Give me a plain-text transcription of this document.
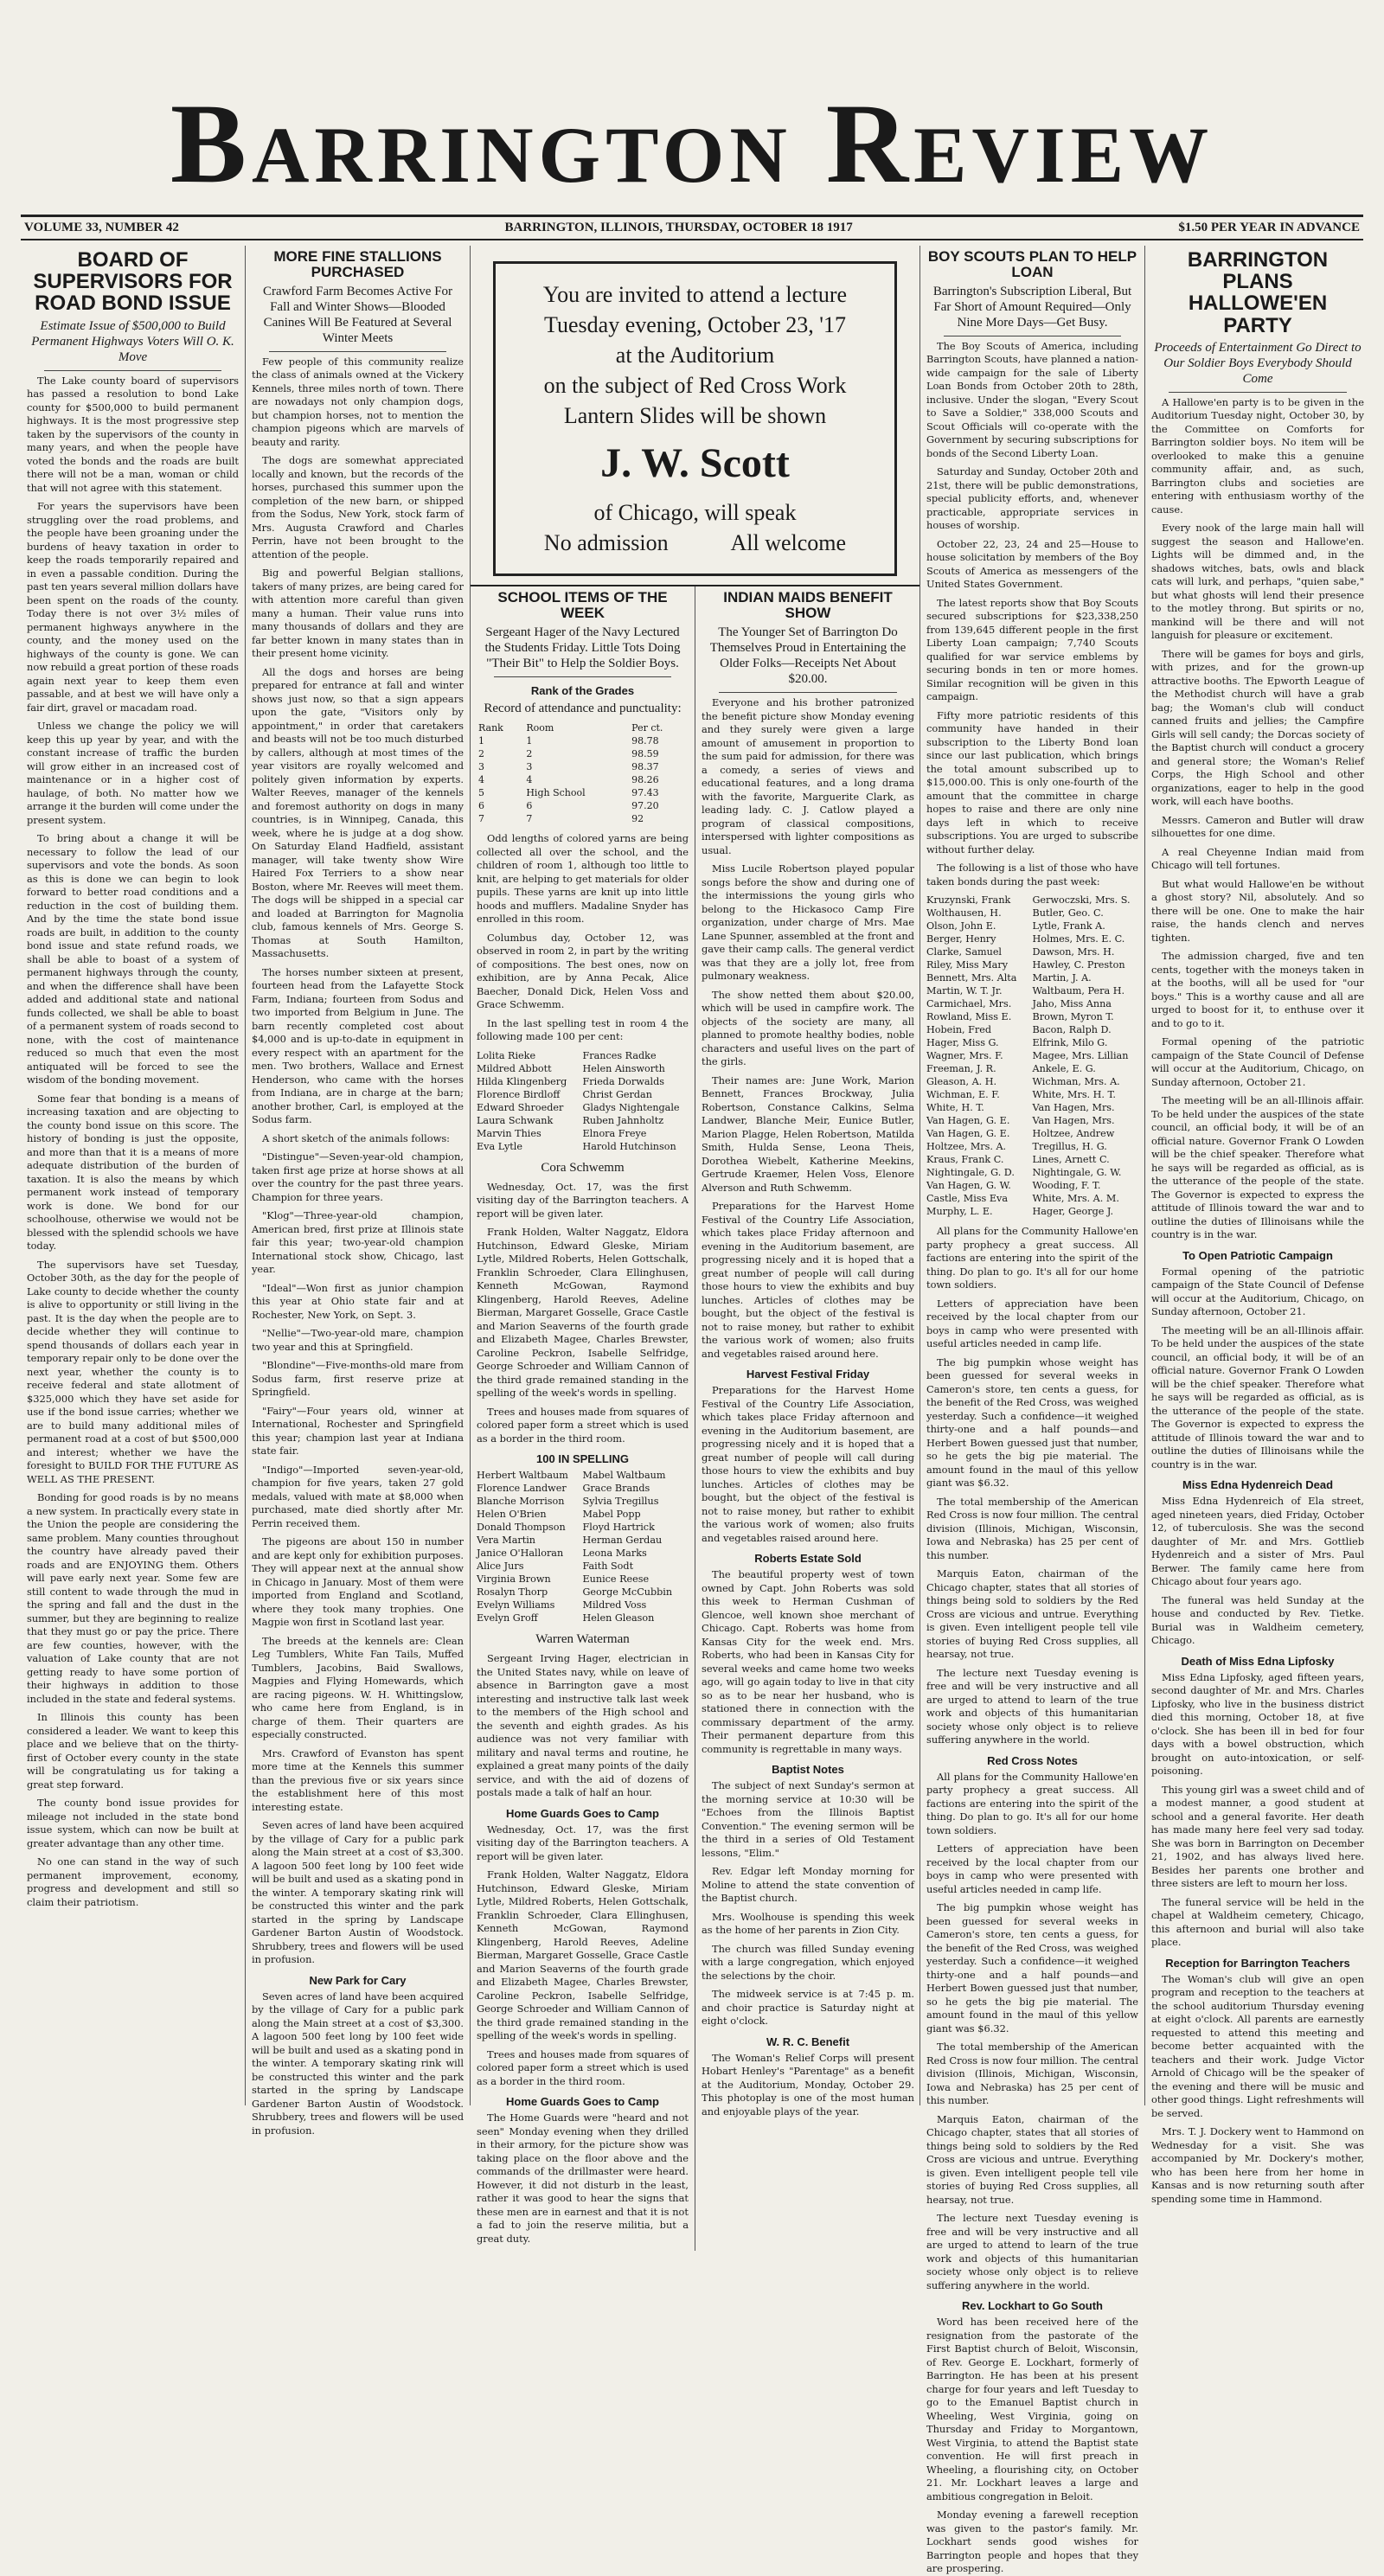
Barrington Review
VOLUME 33, NUMBER 42	BARRINGTON, ILLINOIS, THURSDAY, OCTOBER 18 1917	$1.50 PER YEAR IN ADVANCE
BOARD OF SUPERVISORS FOR ROAD BOND ISSUE
Estimate Issue of $500,000 to Build Permanent Highways Voters Will O. K. Move

The Lake county board of supervisors has passed a resolution to bond Lake county for $500,000 to build permanent highways. It is the most progressive step taken by the supervisors of the county in many years, and when the people have voted the bonds and the roads are built there will not be a man, woman or child that will not agree with this statement.

For years the supervisors have been struggling over the road problems, and the people have been groaning under the burdens of heavy taxation in order to keep the roads temporarily repaired and in even a passable condition. During the past ten years several million dollars have been spent on the roads of the county. Today there is not over 3½ miles of permanent highways anywhere in the county, and the money used on the highways of the county is gone. We can now rebuild a great portion of these roads again next year to keep them even passable, and at best we will have only a fair dirt, gravel or macadam road.

Unless we change the policy we will keep this up year by year, and with the constant increase of traffic the burden will grow either in an increased cost of maintenance or in a higher cost of haulage, of both. No matter how we arrange it the burden will come under the present system.

To bring about a change it will be necessary to follow the lead of our supervisors and vote the bonds. As soon as this is done we can begin to look forward to better road conditions and a reduction in the cost of building them. And by the time the state bond issue roads are built, in addition to the county bond issue and state refund roads, we shall be able to boast of a system of permanent highways through the county, and when the difference shall have been added and additional state and national funds collected, we shall be able to boast of a permanent system of roads second to none, with the cost of maintenance reduced so much that even the most antiquated will be forced to see the wisdom of the bonding movement.

Some fear that bonding is a means of increasing taxation and are objecting to the county bond issue on this score. The history of bonding is just the opposite, and more than that it is a means of more adequate distribution of the burden of taxation. It is also the means by which permanent work instead of temporary work is done. We bond for our schoolhouse, otherwise we would not be blessed with the splendid schools we have today.

The supervisors have set Tuesday, October 30th, as the day for the people of Lake county to decide whether the county is alive to opportunity or still living in the past. It is the day when the people are to decide whether they will continue to spend thousands of dollars each year in temporary repair only to be done over the next year, whether the county is to receive federal and state allotment of $325,000 which they have set aside for use if the bond issue carries; whether we are to build many additional miles of permanent road at a cost of but $500,000 and interest; whether we have the foresight to BUILD FOR THE FUTURE AS WELL AS THE PRESENT.

Bonding for good roads is by no means a new system. In practically every state in the Union the people are considering the same problem. Many counties throughout the country have already paved their roads and are ENJOYING them. Others will pave early next year. Some few are still content to wade through the mud in the spring and fall and the dust in the summer, but they are beginning to realize that they must go or pay the price. There are few counties, however, with the valuation of Lake county that are not getting ready to have some portion of their highways in addition to those included in the state and federal systems.

In Illinois this county has been considered a leader. We want to keep this place and we believe that on the thirty-first of October every county in the state will be congratulating us for taking a great step forward.

The county bond issue provides for mileage not included in the state bond issue system, which can now be built at greater advantage than any other time.

No one can stand in the way of such permanent improvement, economy, progress and development and still so claim their patriotism.

MORE FINE STALLIONS PURCHASED
Crawford Farm Becomes Active For Fall and Winter Shows—Blooded Canines Will Be Featured at Several Winter Meets

Few people of this community realize the class of animals owned at the Vickery Kennels, three miles north of town. There are nowadays not only champion dogs, but champion horses, not to mention the champion pigeons which are marvels of beauty and rarity.

The dogs are somewhat appreciated locally and known, but the records of the horses, purchased this summer upon the completion of the new barn, or shipped from the Sodus, New York, stock farm of Mrs. Augusta Crawford and Charles Perrin, have not been brought to the attention of the people.

Big and powerful Belgian stallions, takers of many prizes, are being cared for with attention more careful than given many a human. Their value runs into many thousands of dollars and they are far better known in many states than in their present home vicinity.

All the dogs and horses are being prepared for entrance at fall and winter shows just now, so that a sign appears upon the gate, "Visitors only by appointment," in order that caretakers and beasts will not be too much disturbed by callers, although at most times of the year visitors are royally welcomed and politely given information by experts. Walter Reeves, manager of the kennels and foremost authority on dogs in many countries, is in Winnipeg, Canada, this week, where he is judge at a dog show. On Saturday Eland Hadfield, assistant manager, will take twenty show Wire Haired Fox Terriers to a show near Boston, where Mr. Reeves will meet them. The dogs will be shipped in a special car and loaded at Barrington for Magnolia club, famous kennels of Mrs. George S. Thomas at South Hamilton, Massachusetts.

The horses number sixteen at present, fourteen head from the Lafayette Stock Farm, Indiana; fourteen from Sodus and two imported from Belgium in June. The barn recently completed cost about $4,000 and is up-to-date in equipment in every respect with an apartment for the men. Two brothers, Wallace and Ernest Henderson, who came with the horses from Indiana, are in charge at the barn; another brother, Carl, is employed at the Sodus farm.

A short sketch of the animals follows:

"Distingue"—Seven-year-old champion, taken first age prize at horse shows at all over the country for the past three years. Champion for three years.

"Klog"—Three-year-old champion, American bred, first prize at Illinois state fair this year; two-year-old champion International stock show, Chicago, last year.

"Ideal"—Won first as junior champion this year at Ohio state fair and at Rochester, New York, on Sept. 3.

"Nellie"—Two-year-old mare, champion two year and this at Springfield.

"Blondine"—Five-months-old mare from Sodus farm, first reserve prize at Springfield.

"Fairy"—Four years old, winner at International, Rochester and Springfield this year; champion last year at Indiana state fair.

"Indigo"—Imported seven-year-old, champion for five years, taken 27 gold medals, valued with mate at $8,000 when purchased, mate died shortly after Mr. Perrin received them.

The pigeons are about 150 in number and are kept only for exhibition purposes. They will appear next at the annual show in Chicago in January. Most of them were imported from England and Scotland, where they took many trophies. One Magpie won first in Scotland last year.

The breeds at the kennels are: Clean Leg Tumblers, White Fan Tails, Muffed Tumblers, Jacobins, Baid Swallows, Magpies and Flying Homewards, which are racing pigeons. W. H. Whittingslow, who came here from England, is in charge of them. Their quarters are especially constructed.

Mrs. Crawford of Evanston has spent more time at the Kennels this summer than the previous five or six years since the establishment here of this most interesting estate.

Seven acres of land have been acquired by the village of Cary for a public park along the Main street at a cost of $3,300. A lagoon 500 feet long by 100 feet wide will be built and used as a skating pond in the winter. A temporary skating rink will be constructed this winter and the park started in the spring by Landscape Gardener Barton Austin of Woodstock. Shrubbery, trees and flowers will be used in profusion.

New Park for Cary

Seven acres of land have been acquired by the village of Cary for a public park along the Main street at a cost of $3,300. A lagoon 500 feet long by 100 feet wide will be built and used as a skating pond in the winter. A temporary skating rink will be constructed this winter and the park started in the spring by Landscape Gardener Barton Austin of Woodstock. Shrubbery, trees and flowers will be used in profusion.

You are invited to attend a lecture
Tuesday evening, October 23, '17
at the Auditorium
on the subject of Red Cross Work
Lantern Slides will be shown
J. W. Scott
of Chicago, will speak
No admission	All welcome
SCHOOL ITEMS OF THE WEEK
Sergeant Hager of the Navy Lectured the Students Friday. Little Tots Doing "Their Bit" to Help the Soldier Boys.
Rank of the Grades
Record of attendance and punctuality:
Rank	Room	Per ct.
1	1	98.78
2	2	98.59
3	3	98.37
4	4	98.26
5	High School	97.43
6	6	97.20
7	7	92

Odd lengths of colored yarns are being collected all over the school, and the children of room 1, although too little to knit, are helping to get materials for older pupils. These yarns are knit up into little hoods and mufflers. Madaline Snyder has enrolled in this room.

Columbus day, October 12, was observed in room 2, in part by the writing of compositions. The best ones, now on exhibition, are by Anna Pecak, Alice Baecher, Donald Dick, Helen Voss and Grace Schwemm.

In the last spelling test in room 4 the following made 100 per cent:

Lolita Rieke	Frances Radke
Mildred Abbott	Helen Ainsworth
Hilda Klingenberg	Frieda Dorwalds
Florence Birdloff	Christ Gerdan
Edward Shroeder	Gladys Nightengale
Laura Schwank	Ruben Jahnholtz
Marvin Thies	Elnora Freye
Eva Lytle	Harold Hutchinson
Cora Schwemm

Wednesday, Oct. 17, was the first visiting day of the Barrington teachers. A report will be given later.

Frank Holden, Walter Naggatz, Eldora Hutchinson, Edward Gleske, Miriam Lytle, Mildred Roberts, Helen Gottschalk, Franklin Schroeder, Clara Ellinghusen, Kenneth McGowan, Raymond Klingenberg, Harold Reeves, Adeline Bierman, Margaret Gosselle, Grace Castle and Marion Seaverns of the fourth grade and Elizabeth Magee, Charles Brewster, Caroline Peckron, Isabelle Selfridge, George Schroeder and William Cannon of the third grade remained standing in the spelling of the week's words in spelling.

Trees and houses made from squares of colored paper form a street which is used as a border in the third room.

100 IN SPELLING
Herbert Waltbaum	Mabel Waltbaum
Florence Landwer	Grace Brands
Blanche Morrison	Sylvia Tregillus
Helen O'Brien	Mabel Popp
Donald Thompson	Floyd Hartrick
Vera Martin	Herman Gerdau
Janice O'Halloran	Leona Marks
Alice Jurs	Faith Sodt
Virginia Brown	Eunice Reese
Rosalyn Thorp	George McCubbin
Evelyn Williams	Mildred Voss
Evelyn Groff	Helen Gleason
Warren Waterman

Sergeant Irving Hager, electrician in the United States navy, while on leave of absence in Barrington gave a most interesting and instructive talk last week to the members of the High school and the seventh and eighth grades. As his audience was not very familiar with military and naval terms and routine, he explained a great many points of the daily service, and with the aid of dozens of postals made a talk of half an hour.

Home Guards Goes to Camp

Wednesday, Oct. 17, was the first visiting day of the Barrington teachers. A report will be given later.

Frank Holden, Walter Naggatz, Eldora Hutchinson, Edward Gleske, Miriam Lytle, Mildred Roberts, Helen Gottschalk, Franklin Schroeder, Clara Ellinghusen, Kenneth McGowan, Raymond Klingenberg, Harold Reeves, Adeline Bierman, Margaret Gosselle, Grace Castle and Marion Seaverns of the fourth grade and Elizabeth Magee, Charles Brewster, Caroline Peckron, Isabelle Selfridge, George Schroeder and William Cannon of the third grade remained standing in the spelling of the week's words in spelling.

Trees and houses made from squares of colored paper form a street which is used as a border in the third room.

Home Guards Goes to Camp

The Home Guards were "heard and not seen" Monday evening when they drilled in their armory, for the picture show was taking place on the floor above and the commands of the drillmaster were heard. However, it did not disturb in the least, rather it was good to hear the signs that these men are in earnest and that it is not a fad to join the reserve militia, but a great duty.

INDIAN MAIDS BENEFIT SHOW
The Younger Set of Barrington Do Themselves Proud in Entertaining the Older Folks—Receipts Net About $20.00.

Everyone and his brother patronized the benefit picture show Monday evening and they surely were given a large amount of amusement in proportion to the sum paid for admission, for there was a comedy, a series of views and educational features, and a long drama with the favorite, Marguerite Clark, as leading lady. C. J. Catlow played a program of classical compositions, interspersed with lighter compositions as usual.

Miss Lucile Robertson played popular songs before the show and during one of the intermissions the young girls who belong to the Hickasoco Camp Fire organization, under charge of Mrs. Mae Lane Spunner, assembled at the front and gave their camp calls. The general verdict was that they are a jolly lot, free from pulmonary weakness.

The show netted them about $20.00, which will be used in campfire work. The objects of the society are many, all planned to promote healthy bodies, noble characters and useful lives on the part of the girls.

Their names are: June Work, Marion Bennett, Frances Brockway, Julia Robertson, Constance Calkins, Selma Landwer, Blanche Meir, Eunice Butler, Marion Plagge, Helen Robertson, Matilda Smith, Hulda Sense, Leona Theis, Dorothea Wiebelt, Katherine Meekins, Gertrude Kraemer, Helen Voss, Elenore Alverson and Ruth Schwemm.

Preparations for the Harvest Home Festival of the Country Life Association, which takes place Friday afternoon and evening in the Auditorium basement, are progressing nicely and it is hoped that a great number of people will call during those hours to view the exhibits and buy lunches. Articles of clothes may be bought, but the object of the festival is not to raise money, but rather to exhibit the various work of women; also fruits and vegetables raised around here.

Harvest Festival Friday

Preparations for the Harvest Home Festival of the Country Life Association, which takes place Friday afternoon and evening in the Auditorium basement, are progressing nicely and it is hoped that a great number of people will call during those hours to view the exhibits and buy lunches. Articles of clothes may be bought, but the object of the festival is not to raise money, but rather to exhibit the various work of women; also fruits and vegetables raised around here.

Roberts Estate Sold

The beautiful property west of town owned by Capt. John Roberts was sold this week to Herman Cushman of Glencoe, well known shoe merchant of Chicago. Capt. Roberts was home from Kansas City for the week end. Mrs. Roberts, who had been in Kansas City for several weeks and came home two weeks ago, will go again today to live in that city so as to be near her husband, who is stationed there in connection with the commissary department of the army. Their permanent departure from this community is regrettable in many ways.

Baptist Notes

The subject of next Sunday's sermon at the morning service at 10:30 will be "Echoes from the Illinois Baptist Convention." The evening sermon will be the third in a series of Old Testament lessons, "Elim."

Rev. Edgar left Monday morning for Moline to attend the state convention of the Baptist church.

Mrs. Woolhouse is spending this week as the home of her parents in Zion City.

The church was filled Sunday evening with a large congregation, which enjoyed the selections by the choir.

The midweek service is at 7:45 p. m. and choir practice is Saturday night at eight o'clock.

W. R. C. Benefit

The Woman's Relief Corps will present Hobart Henley's "Parentage" as a benefit at the Auditorium, Monday, October 29. This photoplay is one of the most human and enjoyable plays of the year.

BOY SCOUTS PLAN TO HELP LOAN
Barrington's Subscription Liberal, But Far Short of Amount Required—Only Nine More Days—Get Busy.

The Boy Scouts of America, including Barrington Scouts, have planned a nation-wide campaign for the sale of Liberty Loan Bonds from October 20th to 28th, inclusive. Under the slogan, "Every Scout to Save a Soldier," 338,000 Scouts and Scout Officials will co-operate with the Government by securing subscriptions for bonds of the Second Liberty Loan.

Saturday and Sunday, October 20th and 21st, there will be public demonstrations, special publicity efforts, and, whenever practicable, appropriate services in houses of worship.

October 22, 23, 24 and 25—House to house solicitation by members of the Boy Scouts of America as messengers of the United States Government.

The latest reports show that Boy Scouts secured subscriptions for $23,338,250 from 139,645 different people in the first Liberty Loan campaign; 7,740 Scouts qualified for war service emblems by securing bonds in ten or more homes. Similar recognition will be given in this campaign.

Fifty more patriotic residents of this community have handed in their subscription to the Liberty Bond loan since our last publication, which brings the total amount subscribed up to $15,000.00. This is only one-fourth of the amount that the committee in charge hopes to raise and there are only nine days left in which to receive subscriptions. You are urged to subscribe without further delay.

The following is a list of those who have taken bonds during the past week:

Kruzynski, Frank	Gerwoczski, Mrs. S.
Wolthausen, H.	Butler, Geo. C.
Olson, John E.	Lytle, Frank A.
Berger, Henry	Holmes, Mrs. E. C.
Clarke, Samuel	Dawson, Mrs. H.
Riley, Miss Mary	Hawley, C. Preston
Bennett, Mrs. Alta	Martin, J. A.
Martin, W. T. Jr.	Waltbaum, Pera H.
Carmichael, Mrs.	Jaho, Miss Anna
Rowland, Miss E.	Brown, Myron T.
Hobein, Fred	Bacon, Ralph D.
Hager, Miss G.	Elfrink, Milo G.
Wagner, Mrs. F.	Magee, Mrs. Lillian
Freeman, J. R.	Ankele, E. G.
Gleason, A. H.	Wichman, Mrs. A.
Wichman, E. F.	White, Mrs. H. T.
White, H. T.	Van Hagen, Mrs.
Van Hagen, G. E.	Van Hagen, Mrs.
Van Hagen, G. E.	Holtzee, Andrew
Holtzee, Mrs. A.	Tregillus, H. G.
Kraus, Frank C.	Lines, Arnett C.
Nightingale, G. D.	Nightingale, G. W.
Van Hagen, G. W.	Wooding, F. T.
Castle, Miss Eva	White, Mrs. A. M.
Murphy, L. E.	Hager, George J.

All plans for the Community Hallowe'en party prophecy a great success. All factions are entering into the spirit of the thing. Do plan to go. It's all for our home town soldiers.

Letters of appreciation have been received by the local chapter from our boys in camp who were presented with useful articles needed in camp life.

The big pumpkin whose weight has been guessed for several weeks in Cameron's store, ten cents a guess, for the benefit of the Red Cross, was weighed yesterday. Such a confidence—it weighed thirty-one and a half pounds—and Herbert Bowen guessed just that number, so he gets the big pie material. The amount found in the maul of this yellow giant was $6.32.

The total membership of the American Red Cross is now four million. The central division (Illinois, Michigan, Wisconsin, Iowa and Nebraska) has 25 per cent of this number.

Marquis Eaton, chairman of the Chicago chapter, states that all stories of things being sold to soldiers by the Red Cross are vicious and untrue. Everything is given. Even intelligent people tell vile stories of buying Red Cross supplies, all hearsay, not true.

The lecture next Tuesday evening is free and will be very instructive and all are urged to attend to learn of the true work and objects of this humanitarian society whose only object is to relieve suffering anywhere in the world.

Red Cross Notes

All plans for the Community Hallowe'en party prophecy a great success. All factions are entering into the spirit of the thing. Do plan to go. It's all for our home town soldiers.

Letters of appreciation have been received by the local chapter from our boys in camp who were presented with useful articles needed in camp life.

The big pumpkin whose weight has been guessed for several weeks in Cameron's store, ten cents a guess, for the benefit of the Red Cross, was weighed yesterday. Such a confidence—it weighed thirty-one and a half pounds—and Herbert Bowen guessed just that number, so he gets the big pie material. The amount found in the maul of this yellow giant was $6.32.

The total membership of the American Red Cross is now four million. The central division (Illinois, Michigan, Wisconsin, Iowa and Nebraska) has 25 per cent of this number.

Marquis Eaton, chairman of the Chicago chapter, states that all stories of things being sold to soldiers by the Red Cross are vicious and untrue. Everything is given. Even intelligent people tell vile stories of buying Red Cross supplies, all hearsay, not true.

The lecture next Tuesday evening is free and will be very instructive and all are urged to attend to learn of the true work and objects of this humanitarian society whose only object is to relieve suffering anywhere in the world.

Rev. Lockhart to Go South

Word has been received here of the resignation from the pastorate of the First Baptist church of Beloit, Wisconsin, of Rev. George E. Lockhart, formerly of Barrington. He has been at his present charge for four years and left Tuesday to go to the Emanuel Baptist church in Wheeling, West Virginia, going on Thursday and Friday to Morgantown, West Virginia, to attend the Baptist state convention. He will first preach in Wheeling, a flourishing city, on October 21. Mr. Lockhart leaves a large and ambitious congregation in Beloit.

Monday evening a farewell reception was given to the pastor's family. Mr. Lockhart sends good wishes for Barrington people and hopes that they are prospering.

BARRINGTON PLANS HALLOWE'EN PARTY
Proceeds of Entertainment Go Direct to Our Soldier Boys Everybody Should Come

A Hallowe'en party is to be given in the Auditorium Tuesday night, October 30, by the Committee on Comforts for Barrington soldier boys. No item will be overlooked to make this a genuine community affair, and, as such, Barrington clubs and societies are entering with enthusiasm worthy of the cause.

Every nook of the large main hall will suggest the season and Hallowe'en. Lights will be dimmed and, in the shadows witches, bats, owls and black cats will lurk, and perhaps, "quien sabe," but what ghosts will lend their presence to the motley throng. But spirits or no, mankind will be there and will not languish for pleasure or excitement.

There will be games for boys and girls, with prizes, and for the grown-up attractive booths. The Epworth League of the Methodist church will have a grab bag; the Woman's club will conduct canned fruits and jellies; the Campfire Girls will sell candy; the Dorcas society of the Baptist church will conduct a grocery and general store; the Woman's Relief Corps, the High School and other organizations, eager to help in the good work, will each have booths.

Messrs. Cameron and Butler will draw silhouettes for one dime.

A real Cheyenne Indian maid from Chicago will tell fortunes.

But what would Hallowe'en be without a ghost story? Nil, absolutely. And so there will be one. One to make the hair raise, the hands clench and nerves tighten.

The admission charged, five and ten cents, together with the moneys taken in at the booths, will all be used for "our boys." This is a worthy cause and all are urged to boost for it, to enthuse over it and to go to it.

Formal opening of the patriotic campaign of the State Council of Defense will occur at the Auditorium, Chicago, on Sunday afternoon, October 21.

The meeting will be an all-Illinois affair. To be held under the auspices of the state council, an official body, it will be of an official nature. Governor Frank O Lowden will be the chief speaker. Therefore what he says will be regarded as official, as is the utterance of the people of the state. The Governor is expected to express the attitude of Illinois toward the war and to outline the duties of Illinoisans while the country is in the war.

To Open Patriotic Campaign

Formal opening of the patriotic campaign of the State Council of Defense will occur at the Auditorium, Chicago, on Sunday afternoon, October 21.

The meeting will be an all-Illinois affair. To be held under the auspices of the state council, an official body, it will be of an official nature. Governor Frank O Lowden will be the chief speaker. Therefore what he says will be regarded as official, as is the utterance of the people of the state. The Governor is expected to express the attitude of Illinois toward the war and to outline the duties of Illinoisans while the country is in the war.

Miss Edna Hydenreich Dead

Miss Edna Hydenreich of Ela street, aged nineteen years, died Friday, October 12, of tuberculosis. She was the second daughter of Mr. and Mrs. Gottlieb Hydenreich and a sister of Mrs. Paul Berwer. The family came here from Chicago about four years ago.

The funeral was held Sunday at the house and conducted by Rev. Tietke. Burial was in Waldheim cemetery, Chicago.

Death of Miss Edna Lipfosky

Miss Edna Lipfosky, aged fifteen years, second daughter of Mr. and Mrs. Charles Lipfosky, who live in the business district died this morning, October 18, at five o'clock. She has been ill in bed for four days with a bowel obstruction, which brought on auto-intoxication, or self-poisoning.

This young girl was a sweet child and of a modest manner, a good student at school and a general favorite. Her death has made many here feel very sad today. She was born in Barrington on December 21, 1902, and has always lived here. Besides her parents one brother and three sisters are left to mourn her loss.

The funeral service will be held in the chapel at Waldheim cemetery, Chicago, this afternoon and burial will also take place.

Reception for Barrington Teachers

The Woman's club will give an open program and reception to the teachers at the school auditorium Thursday evening at eight o'clock. All parents are earnestly requested to attend this meeting and become better acquainted with the teachers and their work. Judge Victor Arnold of Chicago will be the speaker of the evening and there will be music and other good things. Light refreshments will be served.

Mrs. T. J. Dockery went to Hammond on Wednesday for a visit. She was accompanied by Mr. Dockery's mother, who has been here from her home in Kansas and is now returning south after spending some time in Hammond.
